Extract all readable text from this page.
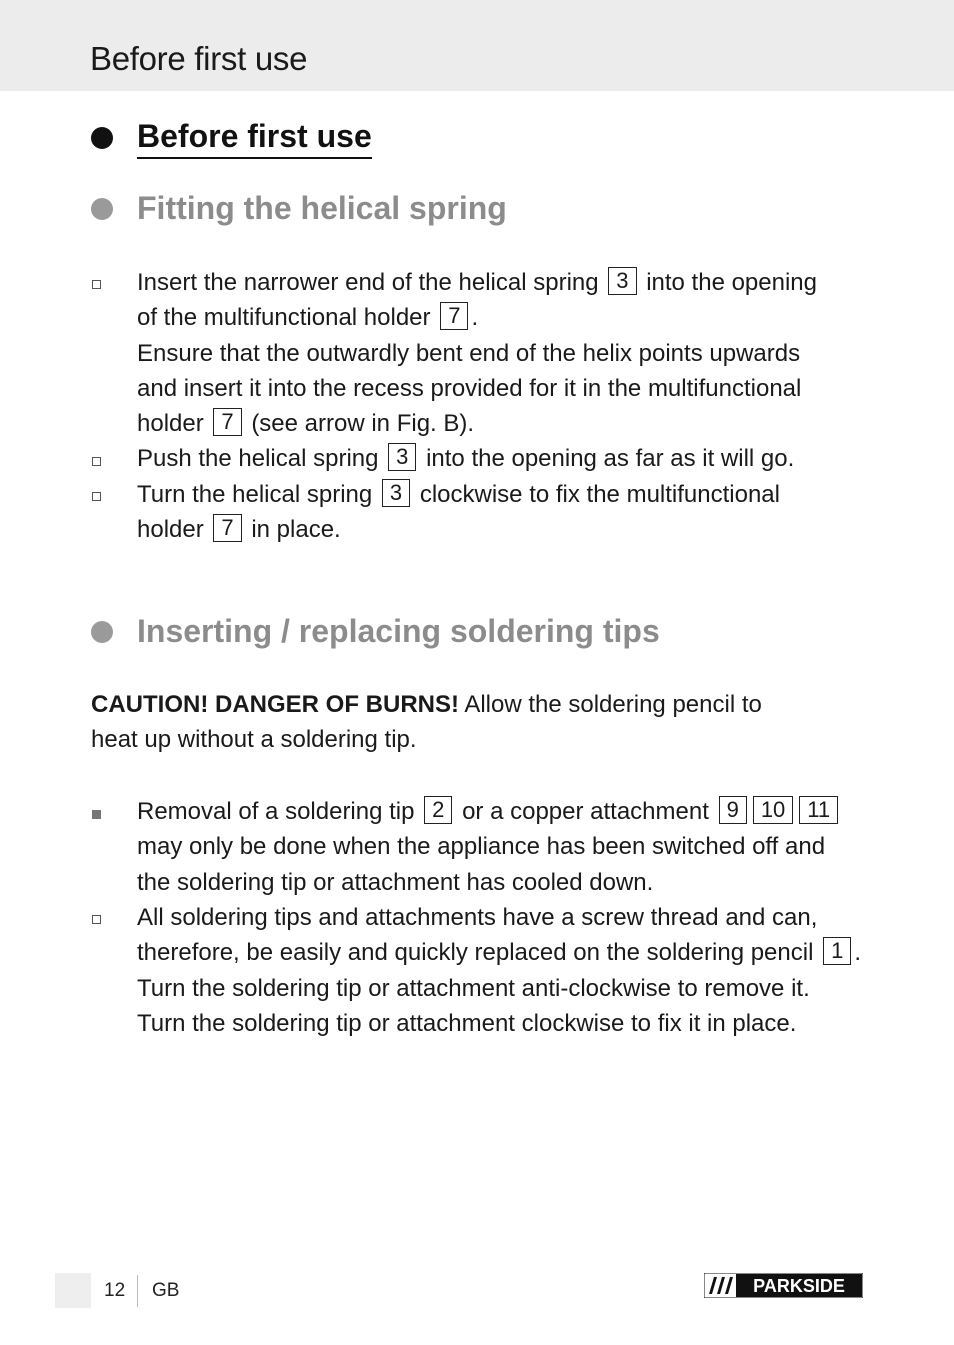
Before first use
Before first use
Fitting the helical spring
Insert the narrower end of the helical spring 3 into the opening
of the multifunctional holder 7 .
Ensure that the outwardly bent end of the helix points upwards
and insert it into the recess provided for it in the multifunctional
holder 7 (see arrow in Fig. B).
Push the helical spring 3 into the opening as far as it will go.
Turn the helical spring 3 clockwise to fix the multifunctional
holder 7 in place.
Inserting / replacing soldering tips
CAUTION! DANGER OF BURNS! Allow the soldering pencil to
heat up without a soldering tip.
Removal of a soldering tip 2 or a copper attachment 9 10 11
may only be done when the appliance has been switched off and
the soldering tip or attachment has cooled down.
All soldering tips and attachments have a screw thread and can,
therefore, be easily and quickly replaced on the soldering pencil 1 .
Turn the soldering tip or attachment anti-clockwise to remove it.
Turn the soldering tip or attachment clockwise to fix it in place.
12 GB	PARKSIDE
